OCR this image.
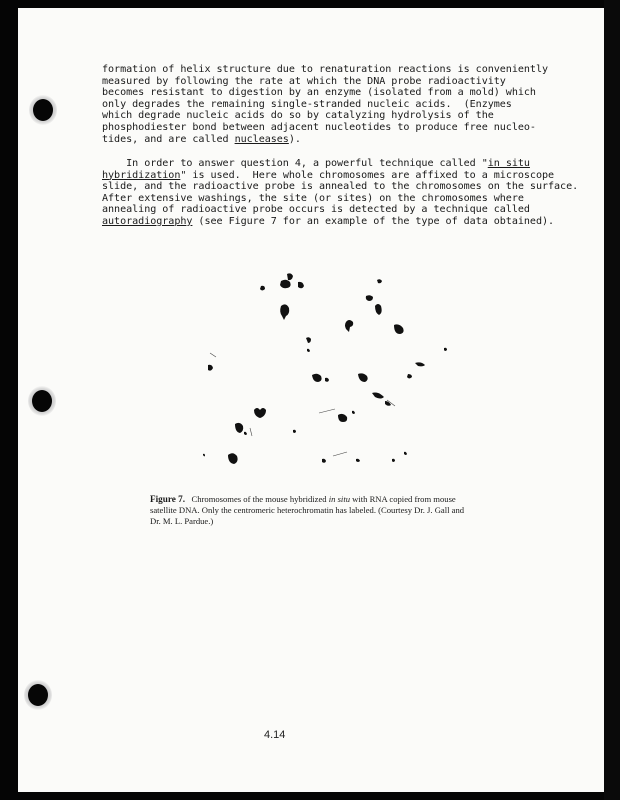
formation of helix structure due to renaturation reactions is conveniently
measured by following the rate at which the DNA probe radioactivity
becomes resistant to digestion by an enzyme (isolated from a mold) which
only degrades the remaining single-stranded nucleic acids.  (Enzymes
which degrade nucleic acids do so by catalyzing hydrolysis of the
phosphodiester bond between adjacent nucleotides to produce free nucleo-
tides, and are called nucleases).
In order to answer question 4, a powerful technique called "in situ
hybridization" is used.  Here whole chromosomes are affixed to a microscope
slide, and the radioactive probe is annealed to the chromosomes on the surface.
After extensive washings, the site (or sites) on the chromosomes where
annealing of radioactive probe occurs is detected by a technique called
autoradiography (see Figure 7 for an example of the type of data obtained).

Figure 7. Chromosomes of the mouse hybridized in situ with RNA copied from mouse satellite DNA. Only the centromeric heterochromatin has labeled. (Courtesy Dr. J. Gall and Dr. M. L. Pardue.)

4.14
